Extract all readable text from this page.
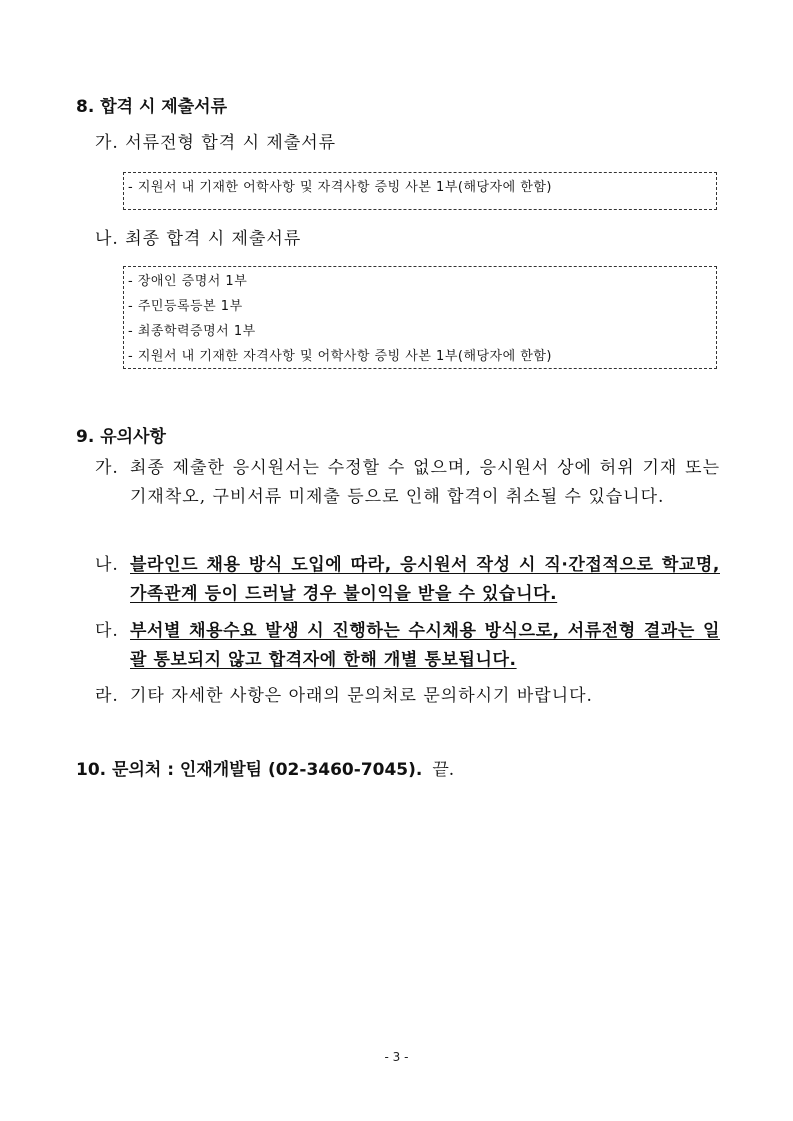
8. 합격 시 제출서류
가. 서류전형 합격 시 제출서류
- 지원서 내 기재한 어학사항 및 자격사항 증빙 사본 1부(해당자에 한함)
나. 최종 합격 시 제출서류
- 장애인 증명서 1부
- 주민등록등본 1부
- 최종학력증명서 1부
- 지원서 내 기재한 자격사항 및 어학사항 증빙 사본 1부(해당자에 한함)
9. 유의사항
가. 최종 제출한 응시원서는 수정할 수 없으며, 응시원서 상에 허위 기재 또는 기재착오, 구비서류 미제출 등으로 인해 합격이 취소될 수 있습니다.
나. 블라인드 채용 방식 도입에 따라, 응시원서 작성 시 직·간접적으로 학교명, 가족관계 등이 드러날 경우 불이익을 받을 수 있습니다.
다. 부서별 채용수요 발생 시 진행하는 수시채용 방식으로, 서류전형 결과는 일괄 통보되지 않고 합격자에 한해 개별 통보됩니다.
라. 기타 자세한 사항은 아래의 문의처로 문의하시기 바랍니다.
10. 문의처 : 인재개발팀 (02-3460-7045). 끝.
- 3 -
